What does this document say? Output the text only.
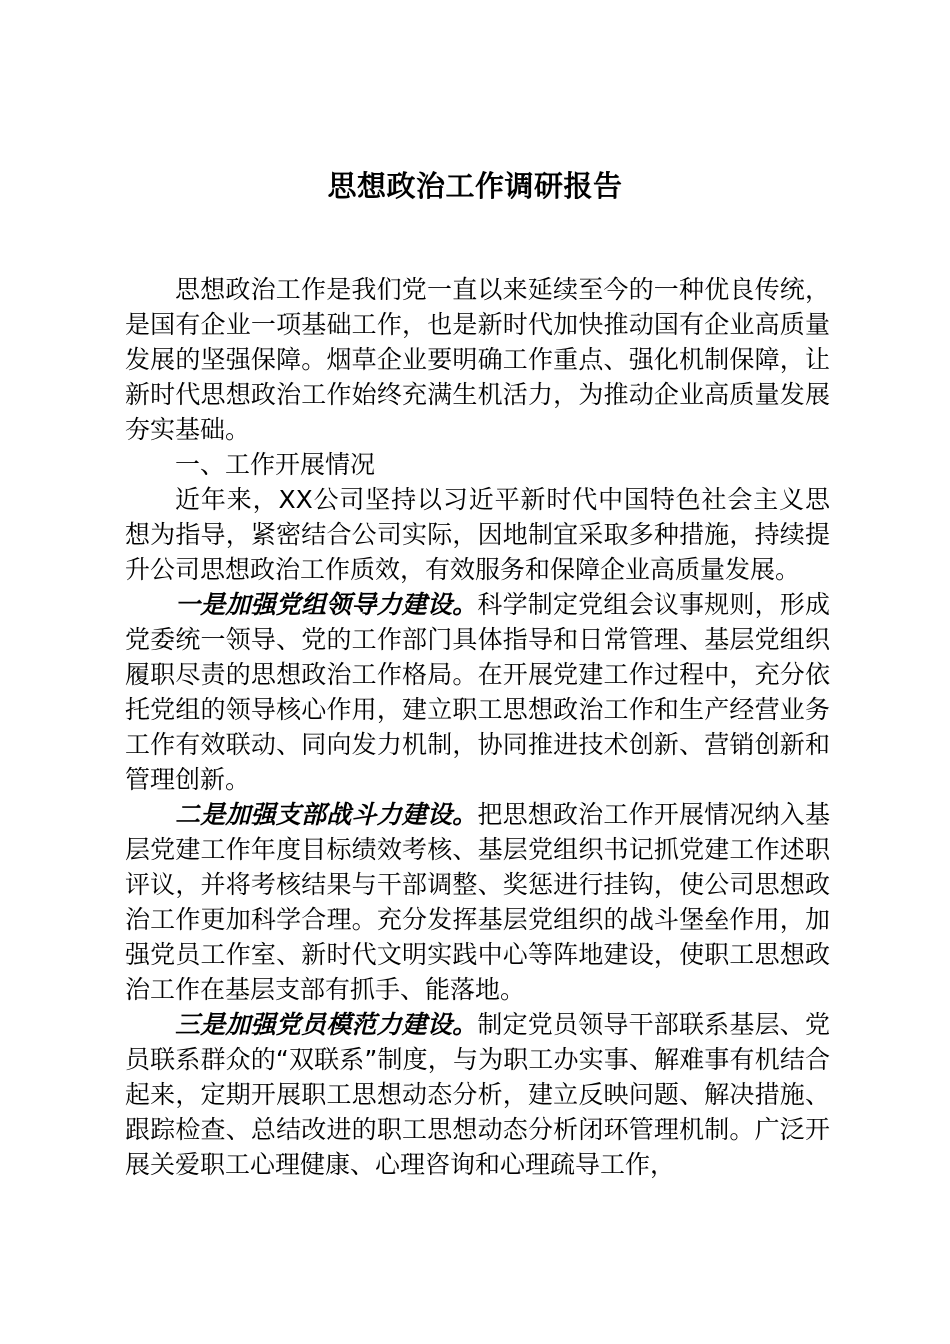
思想政治工作调研报告

思想政治工作是我们党一直以来延续至今的一种优良传统，是国有企业一项基础工作，也是新时代加快推动国有企业高质量发展的坚强保障。烟草企业要明确工作重点、强化机制保障，让新时代思想政治工作始终充满生机活力，为推动企业高质量发展夯实基础。

一、工作开展情况

近年来，XX公司坚持以习近平新时代中国特色社会主义思想为指导，紧密结合公司实际，因地制宜采取多种措施，持续提升公司思想政治工作质效，有效服务和保障企业高质量发展。

一是加强党组领导力建设。科学制定党组会议事规则，形成党委统一领导、党的工作部门具体指导和日常管理、基层党组织履职尽责的思想政治工作格局。在开展党建工作过程中，充分依托党组的领导核心作用，建立职工思想政治工作和生产经营业务工作有效联动、同向发力机制，协同推进技术创新、营销创新和管理创新。

二是加强支部战斗力建设。把思想政治工作开展情况纳入基层党建工作年度目标绩效考核、基层党组织书记抓党建工作述职评议，并将考核结果与干部调整、奖惩进行挂钩，使公司思想政治工作更加科学合理。充分发挥基层党组织的战斗堡垒作用，加强党员工作室、新时代文明实践中心等阵地建设，使职工思想政治工作在基层支部有抓手、能落地。

三是加强党员模范力建设。制定党员领导干部联系基层、党员联系群众的“双联系”制度，与为职工办实事、解难事有机结合起来，定期开展职工思想动态分析，建立反映问题、解决措施、跟踪检查、总结改进的职工思想动态分析闭环管理机制。广泛开展关爱职工心理健康、心理咨询和心理疏导工作，
